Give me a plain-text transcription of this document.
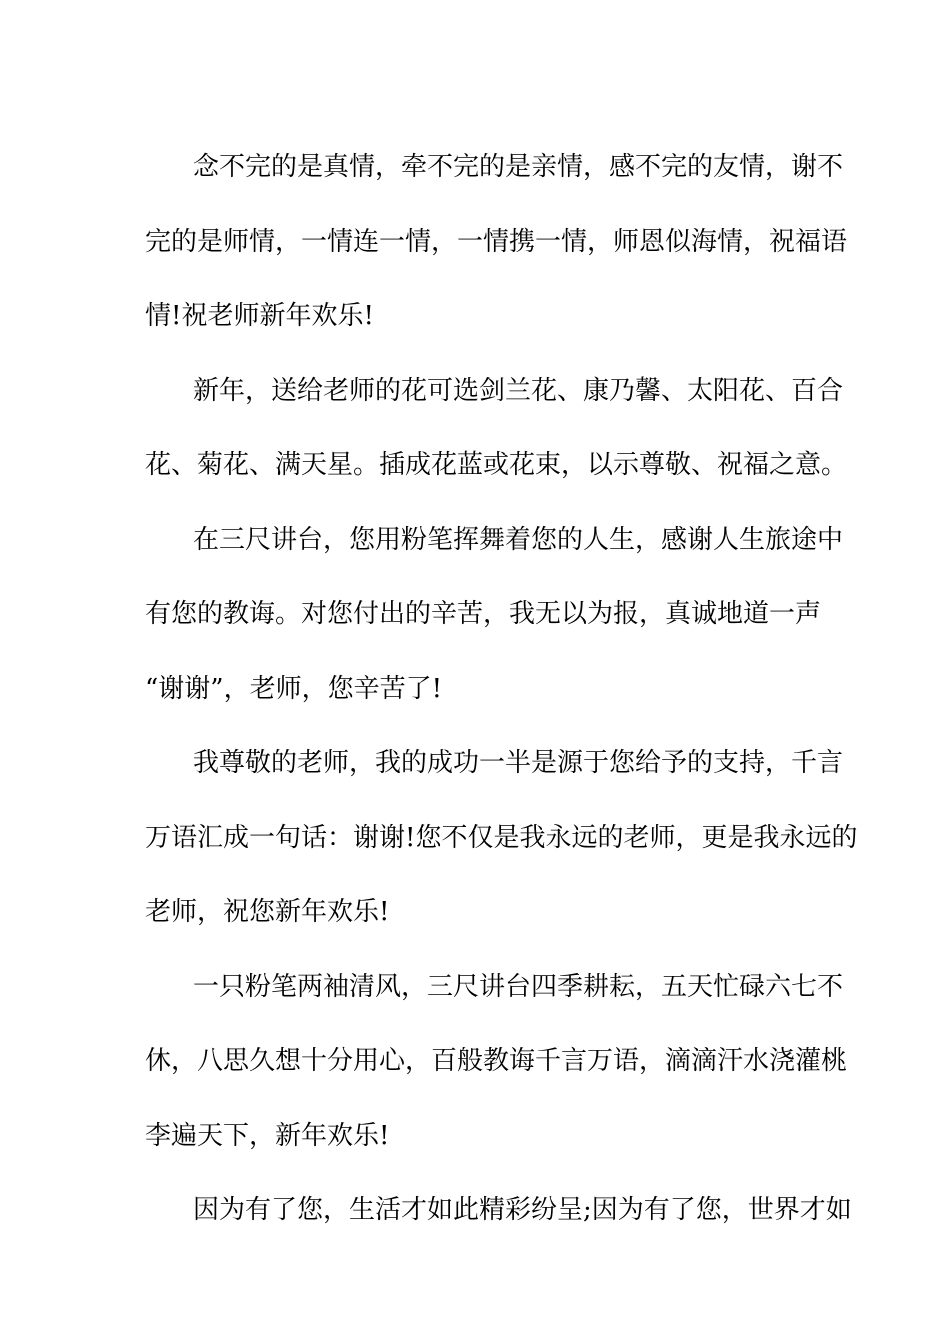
念不完的是真情，牵不完的是亲情，感不完的友情，谢不
完的是师情，一情连一情，一情携一情，师恩似海情，祝福语
情!祝老师新年欢乐!
新年，送给老师的花可选剑兰花、康乃馨、太阳花、百合
花、菊花、满天星。插成花蓝或花束，以示尊敬、祝福之意。
在三尺讲台，您用粉笔挥舞着您的人生，感谢人生旅途中
有您的教诲。对您付出的辛苦，我无以为报，真诚地道一声
“谢谢”，老师，您辛苦了!
我尊敬的老师，我的成功一半是源于您给予的支持，千言
万语汇成一句话：谢谢!您不仅是我永远的老师，更是我永远的
老师，祝您新年欢乐!
一只粉笔两袖清风，三尺讲台四季耕耘，五天忙碌六七不
休，八思久想十分用心，百般教诲千言万语，滴滴汗水浇灌桃
李遍天下，新年欢乐!
因为有了您，生活才如此精彩纷呈;因为有了您，世界才如
